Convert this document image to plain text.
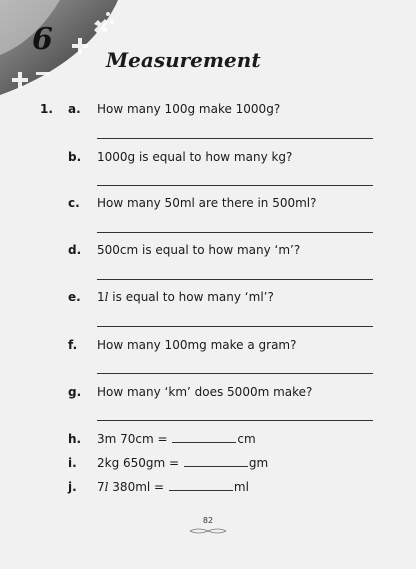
6
Measurement
1. a. How many 100g make 1000g?
b. 1000g is equal to how many kg?
c. How many 50ml are there in 500ml?
d. 500cm is equal to how many ‘m’?
e. 1l is equal to how many ‘ml’?
f. How many 100mg make a gram?
g. How many ‘km’ does 5000m make?
h. 3m 70cm =	cm
i. 2kg 650gm =	gm
j. 7l 380ml =	ml
82
